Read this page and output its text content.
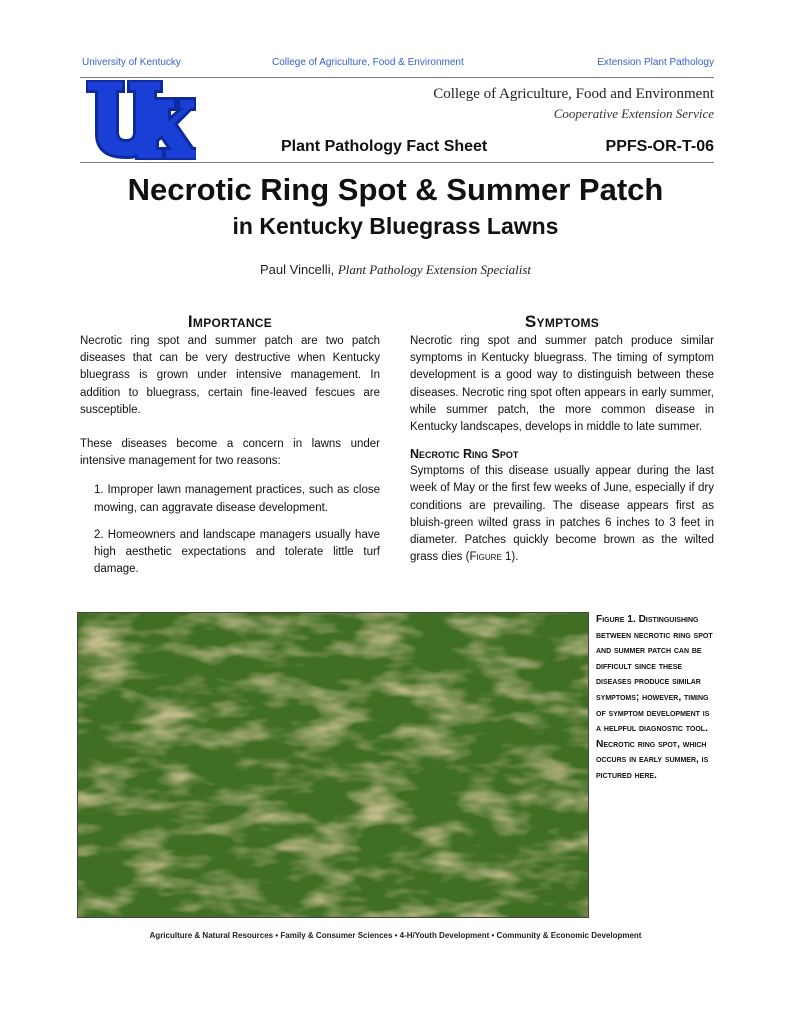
University of Kentucky	College of Agriculture, Food & Environment	Extension Plant Pathology
College of Agriculture, Food and Environment
Cooperative Extension Service
Plant Pathology Fact Sheet	PPFS-OR-T-06
Necrotic Ring Spot & Summer Patch
in Kentucky Bluegrass Lawns
Paul Vincelli, Plant Pathology Extension Specialist
Importance

Necrotic ring spot and summer patch are two patch diseases that can be very destructive when Kentucky bluegrass is grown under intensive management. In addition to bluegrass, certain fine-leaved fescues are susceptible.

These diseases become a concern in lawns under intensive management for two reasons:

1. Improper lawn management practices, such as close mowing, can aggravate disease development.

2. Homeowners and landscape managers usually have high aesthetic expectations and tolerate little turf damage.

Symptoms

Necrotic ring spot and summer patch produce similar symptoms in Kentucky bluegrass. The timing of symptom development is a good way to distinguish between these diseases. Necrotic ring spot often appears in early summer, while summer patch, the more common disease in Kentucky landscapes, develops in middle to late summer.

Necrotic Ring Spot

Symptoms of this disease usually appear during the last week of May or the first few weeks of June, especially if dry conditions are prevailing. The disease appears first as bluish-green wilted grass in patches 6 inches to 3 feet in diameter. Patches quickly become brown as the wilted grass dies (Figure 1).

Figure 1. Distinguishing between necrotic ring spot and summer patch can be difficult since these diseases produce similar symptoms; however, timing of symptom development is a helpful diagnostic tool. Necrotic ring spot, which occurs in early summer, is pictured here.
Agriculture & Natural Resources • Family & Consumer Sciences • 4-H/Youth Development • Community & Economic Development
